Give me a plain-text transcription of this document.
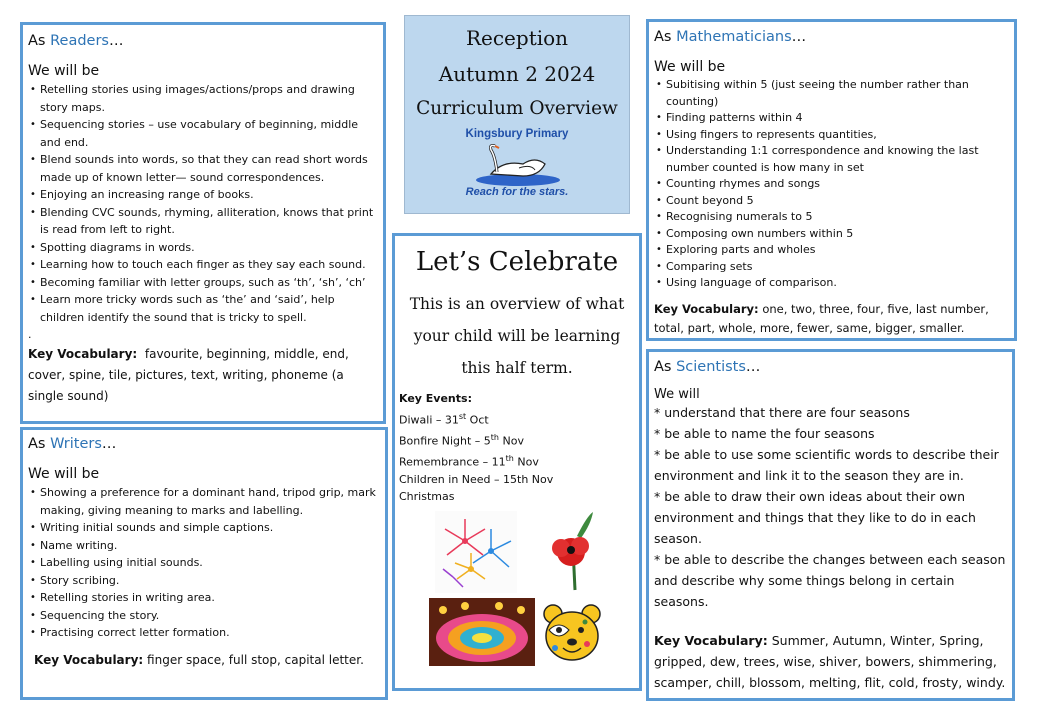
As Readers…

We will be

• Retelling stories using images/actions/props and drawing story maps.
• Sequencing stories – use vocabulary of beginning, middle and end.
• Blend sounds into words, so that they can read short words made up of known letter— sound correspondences.
• Enjoying an increasing range of books.
• Blending CVC sounds, rhyming, alliteration, knows that print is read from left to right.
• Spotting diagrams in words.
• Learning how to touch each finger as they say each sound.
• Becoming familiar with letter groups, such as ‘th’, ‘sh’, ‘ch’
• Learn more tricky words such as ‘the’ and ‘said’, help children identify the sound that is tricky to spell.
.
Key Vocabulary: favourite, beginning, middle, end, cover, spine, tile, pictures, text, writing, phoneme (a single sound)

As Writers…

We will be

• Showing a preference for a dominant hand, tripod grip, mark making, giving meaning to marks and labelling.
• Writing initial sounds and simple captions.
• Name writing.
• Labelling using initial sounds.
• Story scribing.
• Retelling stories in writing area.
• Sequencing the story.
• Practising correct letter formation.
Key Vocabulary: finger space, full stop, capital letter.
Reception
Autumn 2 2024
Curriculum Overview
Kingsbury Primary
Reach for the stars.
Let’s Celebrate
This is an overview of what your child will be learning this half term.
Key Events:
Diwali – 31st Oct
Bonfire Night – 5th Nov
Remembrance – 11th Nov
Children in Need – 15th Nov
Christmas

As Mathematicians…

We will be

• Subitising within 5 (just seeing the number rather than counting)
• Finding patterns within 4
• Using fingers to represents quantities,
• Understanding 1:1 correspondence and knowing the last number counted is how many in set
• Counting rhymes and songs
• Count beyond 5
• Recognising numerals to 5
• Composing own numbers within 5
• Exploring parts and wholes
• Comparing sets
• Using language of comparison.
Key Vocabulary: one, two, three, four, five, last number, total, part, whole, more, fewer, same, bigger, smaller.

As Scientists…

We will

* understand that there are four seasons
* be able to name the four seasons
* be able to use some scientific words to describe their environment and link it to the season they are in.
* be able to draw their own ideas about their own environment and things that they like to do in each season.
* be able to describe the changes between each season and describe why some things belong in certain seasons.
Key Vocabulary: Summer, Autumn, Winter, Spring, gripped, dew, trees, wise, shiver, bowers, shimmering, scamper, chill, blossom, melting, flit, cold, frosty, windy.
